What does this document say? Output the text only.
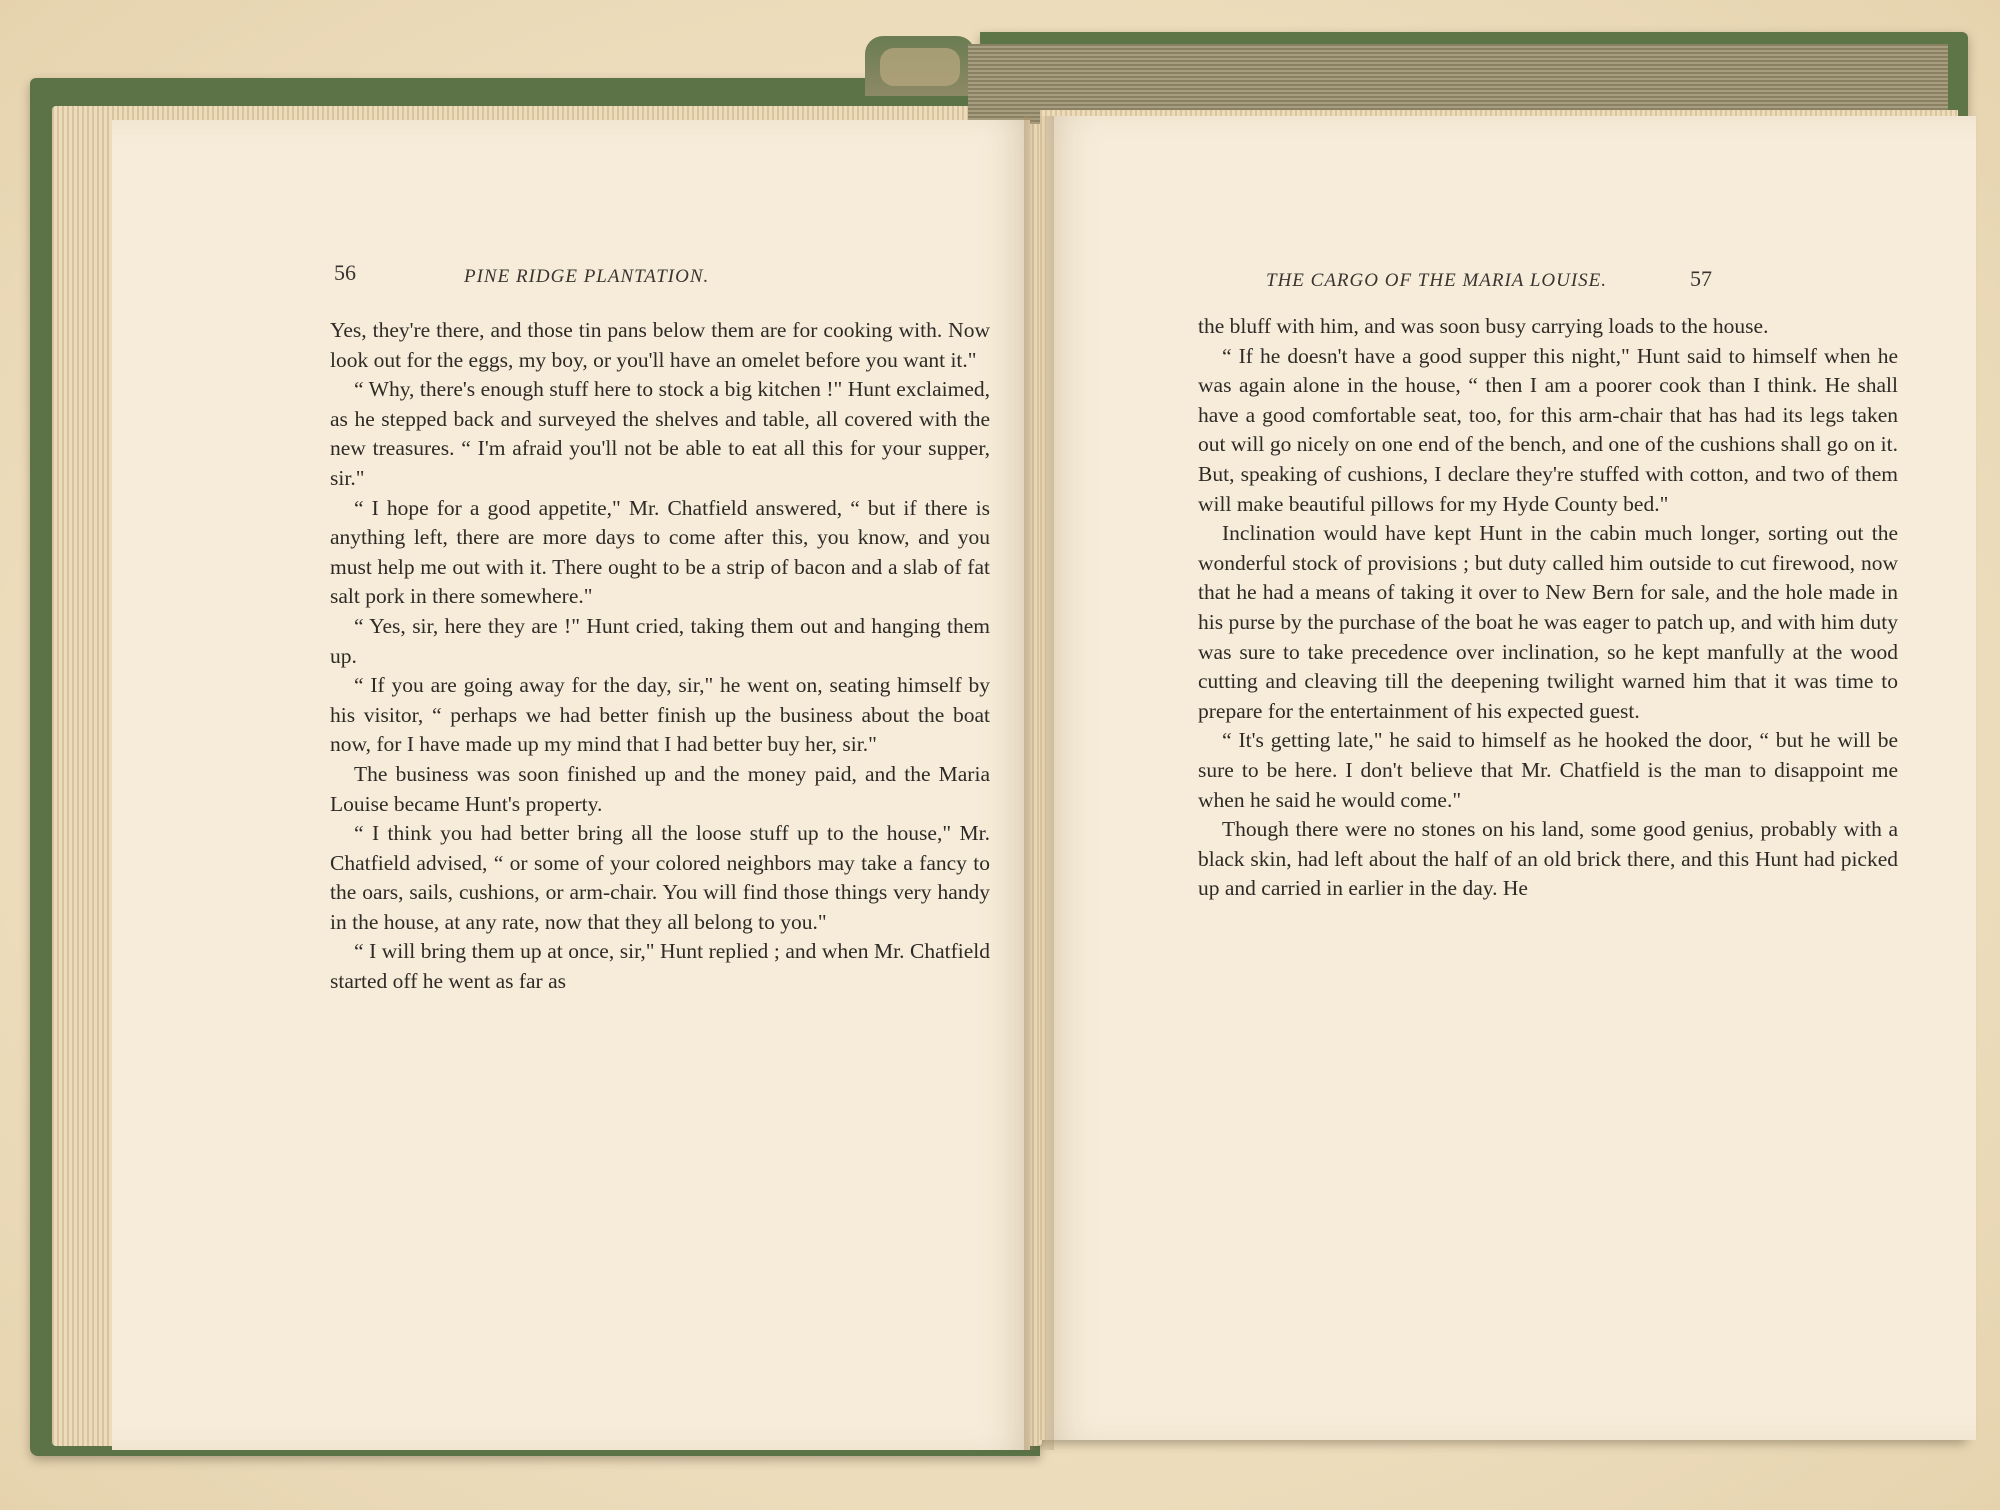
56	PINE RIDGE PLANTATION.

Yes, they're there, and those tin pans below them are for cooking with. Now look out for the eggs, my boy, or you'll have an omelet before you want it."

“ Why, there's enough stuff here to stock a big kitchen !" Hunt exclaimed, as he stepped back and surveyed the shelves and table, all covered with the new treasures. “ I'm afraid you'll not be able to eat all this for your supper, sir."

“ I hope for a good appetite," Mr. Chatfield answered, “ but if there is anything left, there are more days to come after this, you know, and you must help me out with it. There ought to be a strip of bacon and a slab of fat salt pork in there somewhere."

“ Yes, sir, here they are !" Hunt cried, taking them out and hanging them up.

“ If you are going away for the day, sir," he went on, seating himself by his visitor, “ perhaps we had better finish up the business about the boat now, for I have made up my mind that I had better buy her, sir."

The business was soon finished up and the money paid, and the Maria Louise became Hunt's property.

“ I think you had better bring all the loose stuff up to the house," Mr. Chatfield advised, “ or some of your colored neighbors may take a fancy to the oars, sails, cushions, or arm-chair. You will find those things very handy in the house, at any rate, now that they all belong to you."

“ I will bring them up at once, sir," Hunt replied ; and when Mr. Chatfield started off he went as far as

THE CARGO OF THE MARIA LOUISE.	57

the bluff with him, and was soon busy carrying loads to the house.

“ If he doesn't have a good supper this night," Hunt said to himself when he was again alone in the house, “ then I am a poorer cook than I think. He shall have a good comfortable seat, too, for this arm-chair that has had its legs taken out will go nicely on one end of the bench, and one of the cushions shall go on it. But, speaking of cushions, I declare they're stuffed with cotton, and two of them will make beautiful pillows for my Hyde County bed."

Inclination would have kept Hunt in the cabin much longer, sorting out the wonderful stock of provisions ; but duty called him outside to cut firewood, now that he had a means of taking it over to New Bern for sale, and the hole made in his purse by the purchase of the boat he was eager to patch up, and with him duty was sure to take precedence over inclination, so he kept manfully at the wood cutting and cleaving till the deepening twilight warned him that it was time to prepare for the entertainment of his expected guest.

“ It's getting late," he said to himself as he hooked the door, “ but he will be sure to be here. I don't believe that Mr. Chatfield is the man to disappoint me when he said he would come."

Though there were no stones on his land, some good genius, probably with a black skin, had left about the half of an old brick there, and this Hunt had picked up and carried in earlier in the day. He
